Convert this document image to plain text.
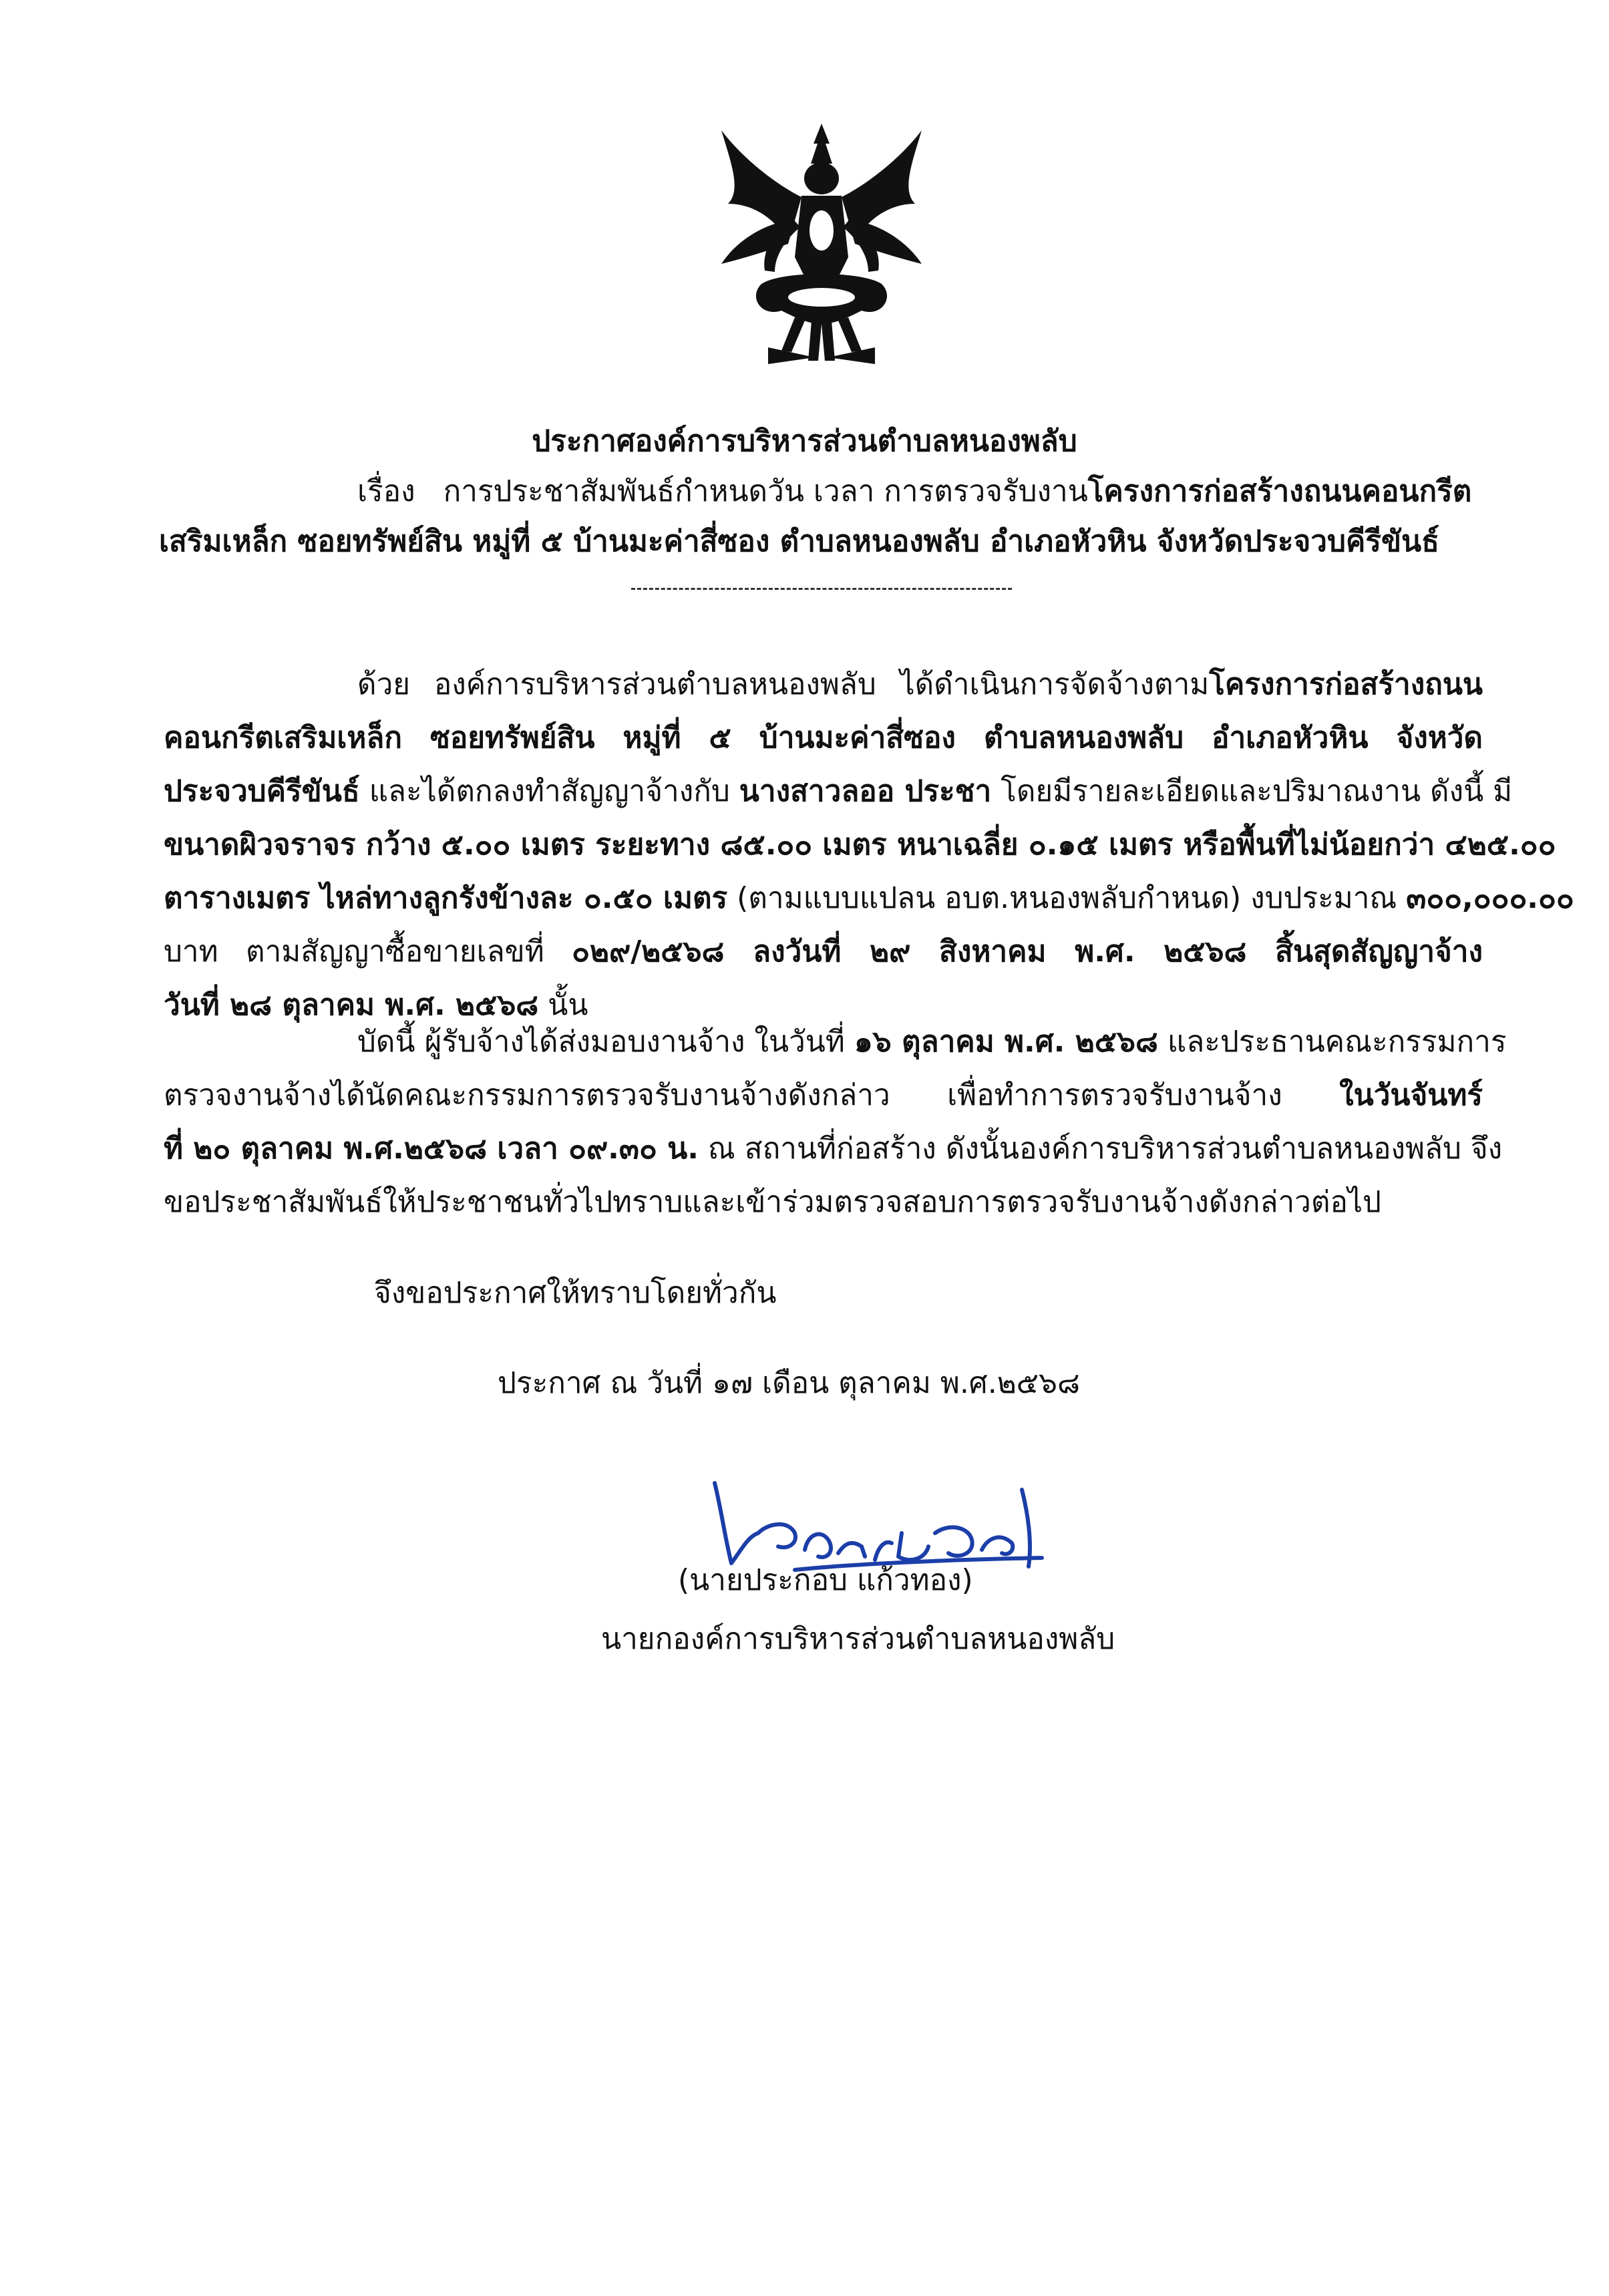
ประกาศองค์การบริหารส่วนตำบลหนองพลับ
เรื่อง การประชาสัมพันธ์กำหนดวัน เวลา การตรวจรับงานโครงการก่อสร้างถนนคอนกรีต
เสริมเหล็ก ซอยทรัพย์สิน หมู่ที่ ๕ บ้านมะค่าสี่ซอง ตำบลหนองพลับ อำเภอหัวหิน จังหวัดประจวบคีรีขันธ์
ด้วย องค์การบริหารส่วนตำบลหนองพลับ ได้ดำเนินการจัดจ้างตามโครงการก่อสร้างถนน
คอนกรีตเสริมเหล็ก ซอยทรัพย์สิน หมู่ที่ ๕ บ้านมะค่าสี่ซอง ตำบลหนองพลับ อำเภอหัวหิน จังหวัด
ประจวบคีรีขันธ์ และได้ตกลงทำสัญญาจ้างกับ นางสาวลออ ประชา โดยมีรายละเอียดและปริมาณงาน ดังนี้ มี
ขนาดผิวจราจร กว้าง ๕.๐๐ เมตร ระยะทาง ๘๕.๐๐ เมตร หนาเฉลี่ย ๐.๑๕ เมตร หรือพื้นที่ไม่น้อยกว่า ๔๒๕.๐๐
ตารางเมตร ไหล่ทางลูกรังข้างละ ๐.๕๐ เมตร (ตามแบบแปลน อบต.หนองพลับกำหนด) งบประมาณ ๓๐๐,๐๐๐.๐๐
บาท ตามสัญญาซื้อขายเลขที่ ๐๒๙/๒๕๖๘ ลงวันที่ ๒๙ สิงหาคม พ.ศ. ๒๕๖๘ สิ้นสุดสัญญาจ้าง
วันที่ ๒๘ ตุลาคม พ.ศ. ๒๕๖๘ นั้น
บัดนี้ ผู้รับจ้างได้ส่งมอบงานจ้าง ในวันที่ ๑๖ ตุลาคม พ.ศ. ๒๕๖๘ และประธานคณะกรรมการ
ตรวจงานจ้างได้นัดคณะกรรมการตรวจรับงานจ้างดังกล่าว เพื่อทำการตรวจรับงานจ้าง ในวันจันทร์
ที่ ๒๐ ตุลาคม พ.ศ.๒๕๖๘ เวลา ๐๙.๓๐ น. ณ สถานที่ก่อสร้าง ดังนั้นองค์การบริหารส่วนตำบลหนองพลับ จึง
ขอประชาสัมพันธ์ให้ประชาชนทั่วไปทราบและเข้าร่วมตรวจสอบการตรวจรับงานจ้างดังกล่าวต่อไป
จึงขอประกาศให้ทราบโดยทั่วกัน
ประกาศ ณ วันที่ ๑๗ เดือน ตุลาคม พ.ศ.๒๕๖๘
(นายประกอบ แก้วทอง)
นายกองค์การบริหารส่วนตำบลหนองพลับ
